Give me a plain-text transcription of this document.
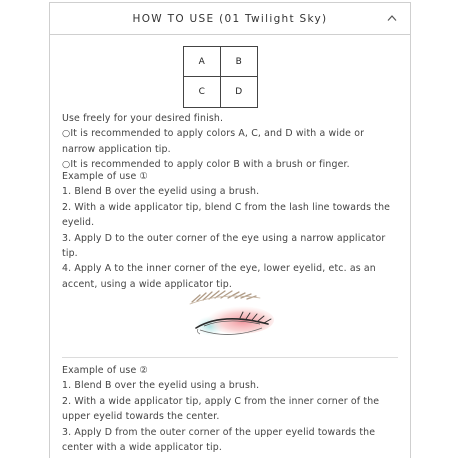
HOW TO USE (01 Twilight Sky)
A	B
C	D

Use freely for your desired finish.

○It is recommended to apply colors A, C, and D with a wide or narrow application tip.

○It is recommended to apply color B with a brush or finger.

Example of use ①

1. Blend B over the eyelid using a brush.

2. With a wide applicator tip, blend C from the lash line towards the eyelid.

3. Apply D to the outer corner of the eye using a narrow applicator tip.

4. Apply A to the inner corner of the eye, lower eyelid, etc. as an accent, using a wide applicator tip.

Example of use ②

1. Blend B over the eyelid using a brush.

2. With a wide applicator tip, apply C from the inner corner of the upper eyelid towards the center.

3. Apply D from the outer corner of the upper eyelid towards the center with a wide applicator tip.
